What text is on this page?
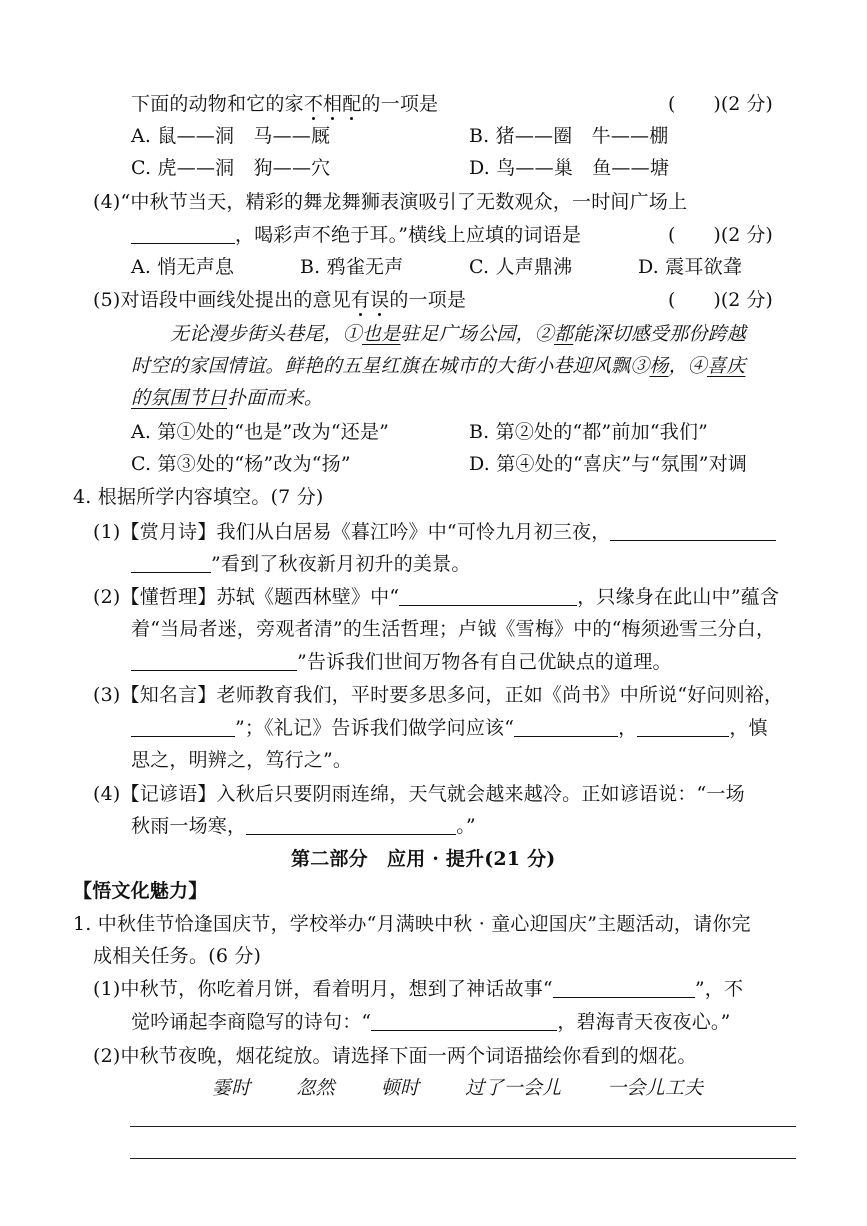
下面的动物和它的家不相配的一项是	(　　)(2 分)
A. 鼠——洞　马——厩	B. 猪——圈　牛——棚
C. 虎——洞　狗——穴	D. 鸟——巢　鱼——塘
(4)“中秋节当天，精彩的舞龙舞狮表演吸引了无数观众，一时间广场上
，喝彩声不绝于耳。”横线上应填的词语是	(　　)(2 分)
A. 悄无声息	B. 鸦雀无声	C. 人声鼎沸	D. 震耳欲聋
(5)对语段中画线处提出的意见有误的一项是	(　　)(2 分)
无论漫步街头巷尾，①也是驻足广场公园，②都能深切感受那份跨越
时空的家国情谊。鲜艳的五星红旗在城市的大街小巷迎风飘③杨，④喜庆
的氛围节日扑面而来。
A. 第①处的“也是”改为“还是”	B. 第②处的“都”前加“我们”
C. 第③处的“杨”改为“扬”	D. 第④处的“喜庆”与“氛围”对调
4. 根据所学内容填空。(7 分)
(1)【赏月诗】我们从白居易《暮江吟》中“可怜九月初三夜，
”看到了秋夜新月初升的美景。
(2)【懂哲理】苏轼《题西林壁》中“	，只缘身在此山中”蕴含
着“当局者迷，旁观者清”的生活哲理；卢钺《雪梅》中的“梅须逊雪三分白，
”告诉我们世间万物各有自己优缺点的道理。
(3)【知名言】老师教育我们，平时要多思多问，正如《尚书》中所说“好问则裕，
”；《礼记》告诉我们做学问应该“	，	，慎
思之，明辨之，笃行之”。
(4)【记谚语】入秋后只要阴雨连绵，天气就会越来越冷。正如谚语说：“一场
秋雨一场寒，	。”
第二部分　应用 · 提升(21 分)
【悟文化魅力】
1. 中秋佳节恰逢国庆节，学校举办“月满映中秋 · 童心迎国庆”主题活动，请你完
成相关任务。(6 分)
(1)中秋节，你吃着月饼，看着明月，想到了神话故事“	”，不
觉吟诵起李商隐写的诗句：“	，碧海青天夜夜心。”
(2)中秋节夜晚，烟花绽放。请选择下面一两个词语描绘你看到的烟花。
霎时 忽然 顿时 过了一会儿 一会儿工夫
